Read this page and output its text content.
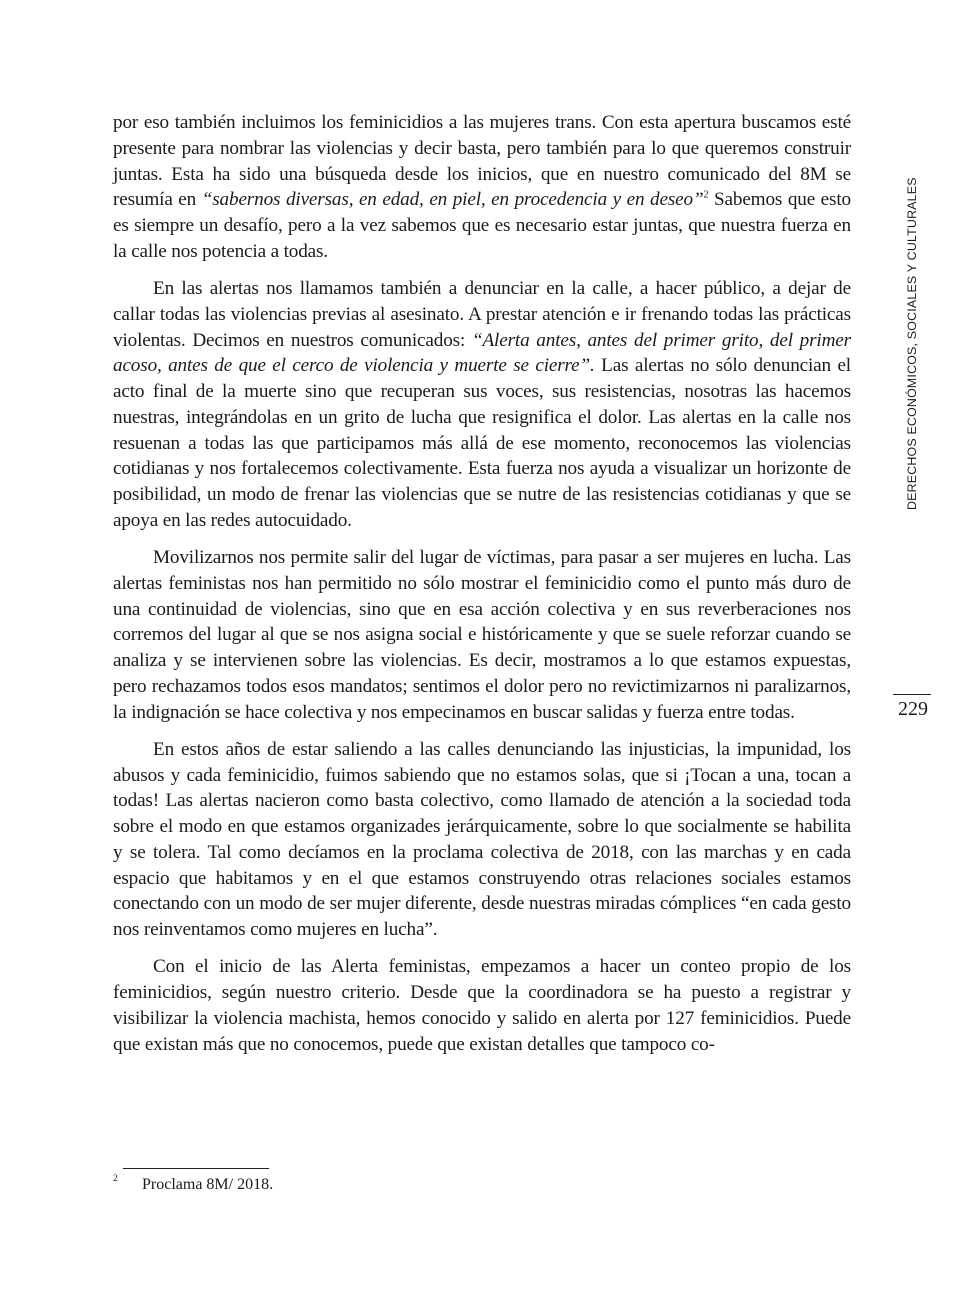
por eso también incluimos los feminicidios a las mujeres trans. Con esta apertura buscamos esté presente para nombrar las violencias y decir basta, pero también para lo que queremos construir juntas. Esta ha sido una búsqueda desde los inicios, que en nuestro comunicado del 8M se resumía en “sabernos diversas, en edad, en piel, en procedencia y en deseo”$^2$ Sabemos que esto es siempre un desafío, pero a la vez sabemos que es necesario estar juntas, que nuestra fuerza en la calle nos potencia a todas.

En las alertas nos llamamos también a denunciar en la calle, a hacer público, a dejar de callar todas las violencias previas al asesinato. A prestar atención e ir frenando todas las prácticas violentas. Decimos en nuestros comunicados: “Alerta antes, antes del primer grito, del primer acoso, antes de que el cerco de violencia y muerte se cierre”. Las alertas no sólo denuncian el acto final de la muerte sino que recuperan sus voces, sus resistencias, nosotras las hacemos nuestras, integrándolas en un grito de lucha que resignifica el dolor. Las alertas en la calle nos resuenan a todas las que participamos más allá de ese momento, reconocemos las violencias cotidianas y nos fortalecemos colectivamente. Esta fuerza nos ayuda a visualizar un horizonte de posibilidad, un modo de frenar las violencias que se nutre de las resistencias cotidianas y que se apoya en las redes autocuidado.

Movilizarnos nos permite salir del lugar de víctimas, para pasar a ser mujeres en lucha. Las alertas feministas nos han permitido no sólo mostrar el feminicidio como el punto más duro de una continuidad de violencias, sino que en esa acción colectiva y en sus reverberaciones nos corremos del lugar al que se nos asigna social e históricamente y que se suele reforzar cuando se analiza y se intervienen sobre las violencias. Es decir, mostramos a lo que estamos expuestas, pero rechazamos todos esos mandatos; sentimos el dolor pero no revictimizarnos ni paralizarnos, la indignación se hace colectiva y nos empecinamos en buscar salidas y fuerza entre todas.

En estos años de estar saliendo a las calles denunciando las injusticias, la impunidad, los abusos y cada feminicidio, fuimos sabiendo que no estamos solas, que si ¡Tocan a una, tocan a todas! Las alertas nacieron como basta colectivo, como llamado de atención a la sociedad toda sobre el modo en que estamos organizades jerárquicamente, sobre lo que socialmente se habilita y se tolera. Tal como decíamos en la proclama colectiva de 2018, con las marchas y en cada espacio que habitamos y en el que estamos construyendo otras relaciones sociales estamos conectando con un modo de ser mujer diferente, desde nuestras miradas cómplices “en cada gesto nos reinventamos como mujeres en lucha”.

Con el inicio de las Alerta feministas, empezamos a hacer un conteo propio de los feminicidios, según nuestro criterio. Desde que la coordinadora se ha puesto a registrar y visibilizar la violencia machista, hemos conocido y salido en alerta por 127 feminicidios. Puede que existan más que no conocemos, puede que existan detalles que tampoco co-

DERECHOS ECONÓMICOS, SOCIALES Y CULTURALES
229
2 Proclama 8M/ 2018.
